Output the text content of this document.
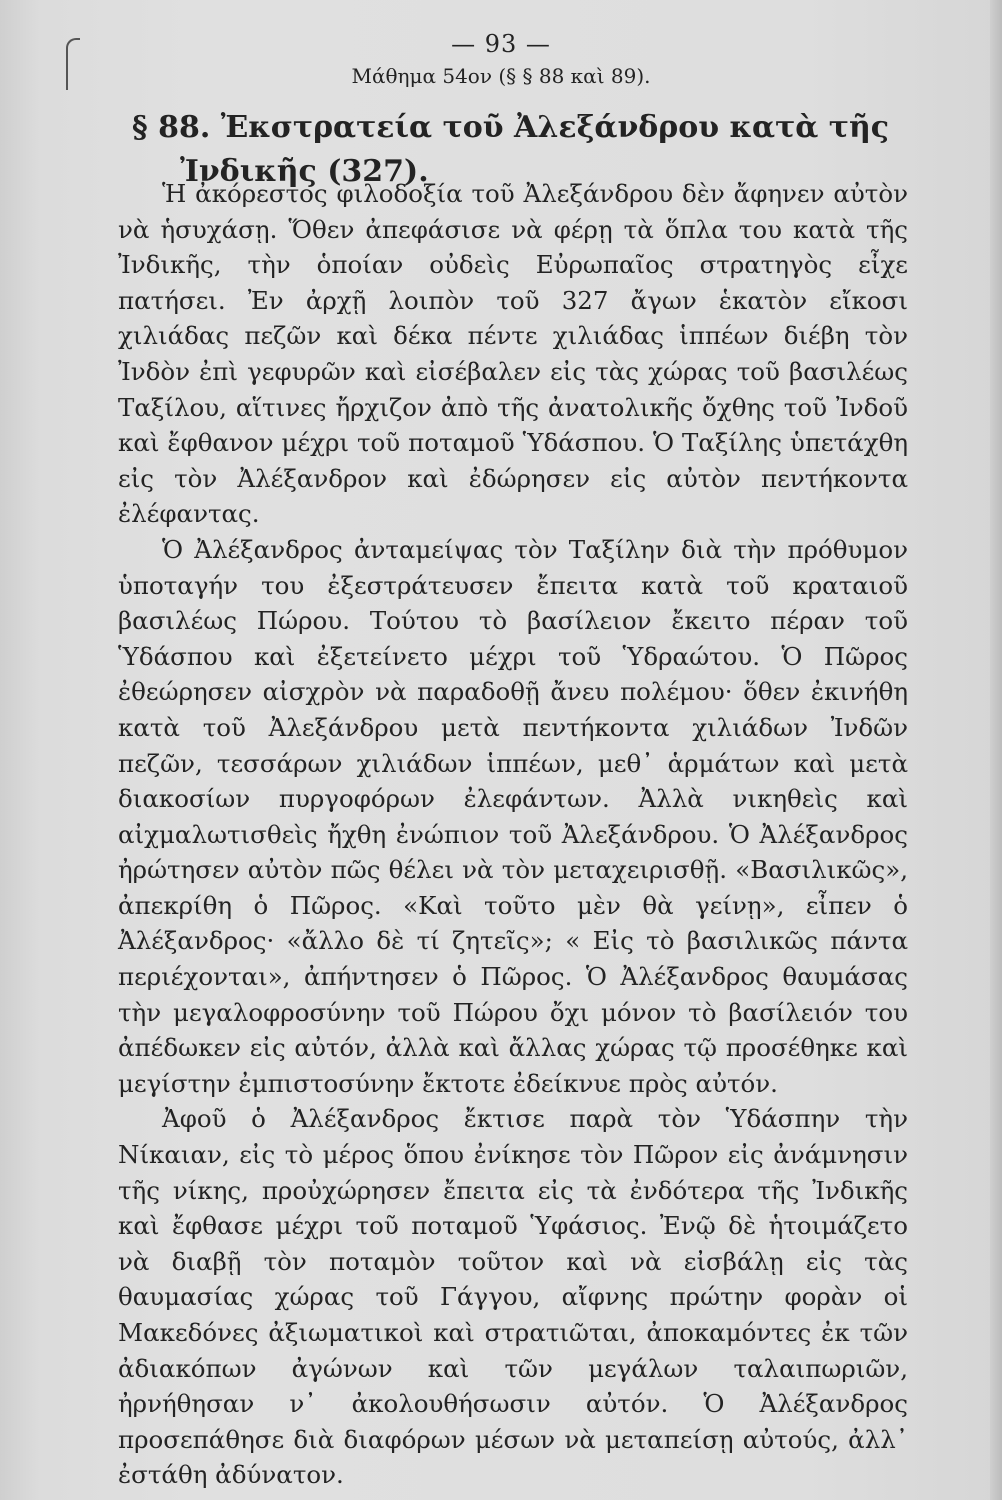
— 93 —
Μάθημα 54ον (§ § 88 καὶ 89).
§ 88. Ἐκστρατεία τοῦ Ἀλεξάνδρου κατὰ τῆς
Ἰνδικῆς (327).

Ἡ ἀκόρεστος φιλοδοξία τοῦ Ἀλεξάνδρου δὲν ἄφηνεν αὐτὸν νὰ ἡσυχάσῃ. Ὅθεν ἀπεφάσισε νὰ φέρῃ τὰ ὅπλα του κατὰ τῆς Ἰνδικῆς, τὴν ὁποίαν οὐδεὶς Εὐρωπαῖος στρατηγὸς εἶχε πατήσει. Ἐν ἀρχῇ λοιπὸν τοῦ 327 ἄγων ἑκατὸν εἴκοσι χιλιάδας πεζῶν καὶ δέκα πέντε χιλιάδας ἱππέων διέβη τὸν Ἰνδὸν ἐπὶ γεφυρῶν καὶ εἰσέβαλεν εἰς τὰς χώρας τοῦ βασιλέως Ταξίλου, αἵτινες ἤρχιζον ἀπὸ τῆς ἀνατολικῆς ὄχθης τοῦ Ἰνδοῦ καὶ ἔφθανον μέχρι τοῦ ποταμοῦ Ὑδάσπου. Ὁ Ταξίλης ὑπετάχθη εἰς τὸν Ἀλέξανδρον καὶ ἐδώρησεν εἰς αὐτὸν πεντήκοντα ἐλέφαντας.

Ὁ Ἀλέξανδρος ἀνταμείψας τὸν Ταξίλην διὰ τὴν πρόθυμον ὑποταγήν του ἐξεστράτευσεν ἔπειτα κατὰ τοῦ κραταιοῦ βασιλέως Πώρου. Τούτου τὸ βασίλειον ἔκειτο πέραν τοῦ Ὑδάσπου καὶ ἐξετείνετο μέχρι τοῦ Ὑδραώτου. Ὁ Πῶρος ἐθεώρησεν αἰσχρὸν νὰ παραδοθῇ ἄνευ πολέμου· ὅθεν ἐκινήθη κατὰ τοῦ Ἀλεξάνδρου μετὰ πεντήκοντα χιλιάδων Ἰνδῶν πεζῶν, τεσσάρων χιλιάδων ἱππέων, μεθ᾽ ἁρμάτων καὶ μετὰ διακοσίων πυργοφόρων ἐλεφάντων. Ἀλλὰ νικηθεὶς καὶ αἰχμαλωτισθεὶς ἤχθη ἐνώπιον τοῦ Ἀλεξάνδρου. Ὁ Ἀλέξανδρος ἠρώτησεν αὐτὸν πῶς θέλει νὰ τὸν μεταχειρισθῇ. «Βασιλικῶς», ἀπεκρίθη ὁ Πῶρος. «Καὶ τοῦτο μὲν θὰ γείνῃ», εἶπεν ὁ Ἀλέξανδρος· «ἄλλο δὲ τί ζητεῖς»; « Εἰς τὸ βασιλικῶς πάντα περιέχονται», ἀπήντησεν ὁ Πῶρος. Ὁ Ἀλέξανδρος θαυμάσας τὴν μεγαλοφροσύνην τοῦ Πώρου ὄχι μόνον τὸ βασίλειόν του ἀπέδωκεν εἰς αὐτόν, ἀλλὰ καὶ ἄλλας χώρας τῷ προσέθηκε καὶ μεγίστην ἐμπιστοσύνην ἔκτοτε ἐδείκνυε πρὸς αὐτόν.

Ἀφοῦ ὁ Ἀλέξανδρος ἔκτισε παρὰ τὸν Ὑδάσπην τὴν Νίκαιαν, εἰς τὸ μέρος ὅπου ἐνίκησε τὸν Πῶρον εἰς ἀνάμνησιν τῆς νίκης, προὐχώρησεν ἔπειτα εἰς τὰ ἐνδότερα τῆς Ἰνδικῆς καὶ ἔφθασε μέχρι τοῦ ποταμοῦ Ὑφάσιος. Ἐνῷ δὲ ἡτοιμάζετο νὰ διαβῇ τὸν ποταμὸν τοῦτον καὶ νὰ εἰσβάλῃ εἰς τὰς θαυμασίας χώρας τοῦ Γάγγου, αἴφνης πρώτην φορὰν οἱ Μακεδόνες ἀξιωματικοὶ καὶ στρατιῶται, ἀποκαμόντες ἐκ τῶν ἀδιακόπων ἀγώνων καὶ τῶν μεγάλων ταλαιπωριῶν, ἠρνήθησαν ν᾽ ἀκολουθήσωσιν αὐτόν. Ὁ Ἀλέξανδρος προσεπάθησε διὰ διαφόρων μέσων νὰ μεταπείσῃ αὐτούς, ἀλλ᾽ ἐστάθη ἀδύνατον.
